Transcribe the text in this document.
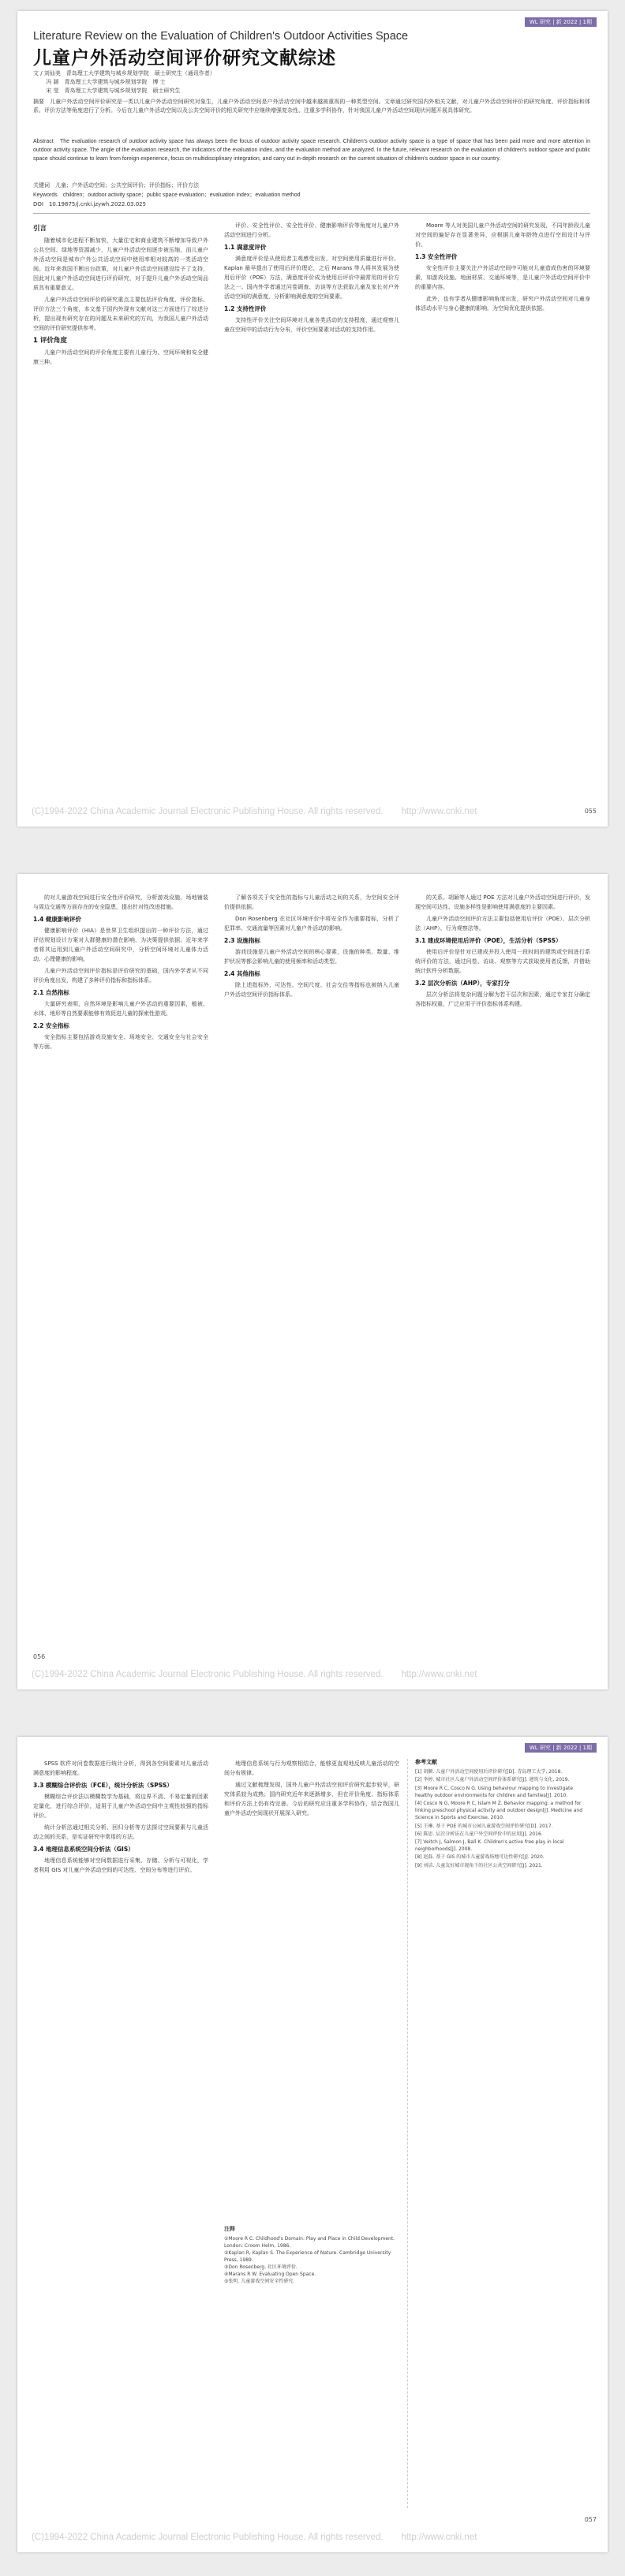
WL 研究 | 新 2022 | 1期
Literature Review on the Evaluation of Children's Outdoor Activities Space
儿童户外活动空间评价研究文献综述
文 / 刘仙美　青岛理工大学建筑与城乡规划学院　硕士研究生（通讯作者）
　　 冯 颖　青岛理工大学建筑与城乡规划学院　博 士
　　 宋 莹　青岛理工大学建筑与城乡规划学院　硕士研究生
摘要　儿童户外活动空间评价研究是一类以儿童户外活动空间研究对象生，儿童户外活动空间是户外活动空间中越来越被重视的一种类型空间。文章通过研究国内外相关文献，对儿童户外活动空间评价的研究角度、评价指标和体系、评价方法等角度进行了分析。今后在儿童户外活动空间以及公共空间评价的相关研究中应继续增强复杂性、注重多学科协作，针对我国儿童户外活动空间现状问题开展具体研究。
Abstract　The evaluation research of outdoor activity space has always been the focus of outdoor activity space research. Children's outdoor activity space is a type of space that has been paid more and more attention in outdoor activity space. The angle of the evaluation research, the indicators of the evaluation index, and the evaluation method are analyzed. In the future, relevant research on the evaluation of children's outdoor space and public space should continue to learn from foreign experience, focus on multidisciplinary integration, and carry out in-depth research on the current situation of children's outdoor space in our country.
关键词　儿童；户外活动空间；公共空间评价；评价指标；评价方法
Keywords　children；outdoor activity space；public space evaluation；evaluation index；evaluation method
DOI　10.19875/j.cnki.jzywh.2022.03.025
引言

随着城市化进程不断加快，大量住宅和商业建筑不断增加导致户外公共空间、绿地等资源减少，儿童户外活动空间逐步被压缩，而儿童户外活动空间是城市户外公共活动空间中使用率相对较高的一类活动空间。近年来我国不断出台政策，对儿童户外活动空间建设给予了支持，因此对儿童户外活动空间进行评价研究，对于提升儿童户外活动空间品质具有重要意义。

儿童户外活动空间评价的研究重点主要包括评价角度、评价指标、评价方法三个角度，本文基于国内外现有文献对这三方面进行了综述分析，提出现有研究存在的问题及未来研究的方向，为我国儿童户外活动空间的评价研究提供参考。

1 评价角度

儿童户外活动空间的评价角度主要有儿童行为、空间环境和安全健康三种。

评价、安全性评价、安全性评价、健康影响评价等角度对儿童户外活动空间进行分析。

1.1 满意度评价

满意度评价是从使用者主观感受出发，对空间使用质量进行评价。Kaplan 最早提出了使用后评价理论，之后 Marans 等人将其发展为使用后评价（POE）方法，满意度评价成为使用后评价中最常用的评价方法之一。国内外学者通过问卷调查、访谈等方法获取儿童及家长对户外活动空间的满意度，分析影响满意度的空间要素。

1.2 支持性评价

支持性评价关注空间环境对儿童各类活动的支持程度，通过观察儿童在空间中的活动行为分布，评价空间要素对活动的支持作用。

Moore 等人对美国儿童户外活动空间的研究发现，不同年龄段儿童对空间的偏好存在显著差异，应根据儿童年龄特点进行空间设计与评价。

1.3 安全性评价

安全性评价主要关注户外活动空间中可能对儿童造成伤害的环境要素，如游戏设施、地面材质、交通环境等，是儿童户外活动空间评价中的重要内容。

此外，也有学者从健康影响角度出发，研究户外活动空间对儿童身体活动水平与身心健康的影响，为空间优化提供依据。

(C)1994-2022 China Academic Journal Electronic Publishing House. All rights reserved.　　http://www.cnki.net	055

的对儿童游戏空间进行安全性评价研究，分析游戏设施、场地铺装与周边交通等方面存在的安全隐患，提出针对性改进措施。

1.4 健康影响评价

健康影响评价（HIA）是世界卫生组织提出的一种评价方法，通过评估规划设计方案对人群健康的潜在影响，为决策提供依据。近年来学者将其运用到儿童户外活动空间研究中，分析空间环境对儿童体力活动、心理健康的影响。

儿童户外活动空间评价指标是评价研究的基础，国内外学者从不同评价角度出发，构建了多种评价指标和指标体系。

2.1 自然指标

大量研究表明，自然环境是影响儿童户外活动的重要因素，植被、水体、地形等自然要素能够有效促进儿童的探索性游戏。

2.2 安全指标

安全指标主要包括游戏设施安全、场地安全、交通安全与社会安全等方面。

了解各项关于安全性的指标与儿童活动之间的关系，为空间安全评价提供依据。

Don Rosenberg 在社区环境评价中将安全作为重要指标，分析了犯罪率、交通流量等因素对儿童户外活动的影响。

2.3 设施指标

游戏设施是儿童户外活动空间的核心要素，设施的种类、数量、维护状况等都会影响儿童的使用频率和活动类型。

2.4 其他指标

除上述指标外，可达性、空间尺度、社会交往等指标也被纳入儿童户外活动空间评价指标体系。

的关系。胡颖等人通过 POE 方法对儿童户外活动空间进行评价，发现空间可达性、设施多样性是影响使用满意度的主要因素。

儿童户外活动空间评价方法主要包括使用后评价（POE）、层次分析法（AHP）、行为观察法等。

3.1 建成环境使用后评价（POE），生活分析（SPSS）

使用后评价是针对已建成并投入使用一段时间的建筑或空间进行系统评价的方法，通过问卷、访谈、观察等方式获取使用者反馈，并借助统计软件分析数据。

3.2 层次分析法（AHP），专家打分

层次分析法将复杂问题分解为若干层次和因素，通过专家打分确定各指标权重，广泛应用于评价指标体系构建。

056
(C)1994-2022 China Academic Journal Electronic Publishing House. All rights reserved.　　http://www.cnki.net
WL 研究 | 新 2022 | 1期

SPSS 软件对问卷数据进行统计分析，得到各空间要素对儿童活动满意度的影响程度。

3.3 模糊综合评价法（FCE），统计分析法（SPSS）

模糊综合评价法以模糊数学为基础，将边界不清、不易定量的因素定量化，进行综合评价，适用于儿童户外活动空间中主观性较强的指标评价。

统计分析法通过相关分析、回归分析等方法探讨空间要素与儿童活动之间的关系，是实证研究中常用的方法。

3.4 地理信息系统空间分析法（GIS）

地理信息系统能够对空间数据进行采集、存储、分析与可视化，学者利用 GIS 对儿童户外活动空间的可达性、空间分布等进行评价。

地理信息系统与行为观察相结合，能够更直观地反映儿童活动的空间分布规律。

通过文献梳理发现，国外儿童户外活动空间评价研究起步较早，研究体系较为成熟；国内研究近年来逐渐增多，但在评价角度、指标体系和评价方法上仍有待完善。今后的研究应注重多学科协作，结合我国儿童户外活动空间现状开展深入研究。

注释
①Moore R C. Childhood's Domain: Play and Place in Child Development. London: Croom Helm, 1986.
②Kaplan R, Kaplan S. The Experience of Nature. Cambridge University Press, 1989.
③Don Rosenberg. 社区环境评价.
④Marans R W. Evaluating Open Space.
⑤张明. 儿童游戏空间安全性研究.
参考文献
[1] 胡颖. 儿童户外活动空间使用后评价研究[D]. 青岛理工大学, 2018.
[2] 李婷. 城市社区儿童户外活动空间评价体系研究[J]. 建筑与文化, 2019.
[3] Moore R C, Cosco N G. Using behaviour mapping to investigate healthy outdoor environments for children and families[J]. 2010.
[4] Cosco N G, Moore R C, Islam M Z. Behavior mapping: a method for linking preschool physical activity and outdoor design[J]. Medicine and Science in Sports and Exercise, 2010.
[5] 王琳. 基于 POE 的城市公园儿童游戏空间评价研究[D]. 2017.
[6] 陈思. 层次分析法在儿童户外空间评价中的应用[J]. 2016.
[7] Veitch J, Salmon J, Ball K. Children's active free play in local neighborhoods[J]. 2008.
[8] 赵磊. 基于 GIS 的城市儿童游戏场地可达性研究[J]. 2020.
[9] 刘洁. 儿童友好城市视角下的社区公共空间研究[J]. 2021.
(C)1994-2022 China Academic Journal Electronic Publishing House. All rights reserved.　　http://www.cnki.net
057
